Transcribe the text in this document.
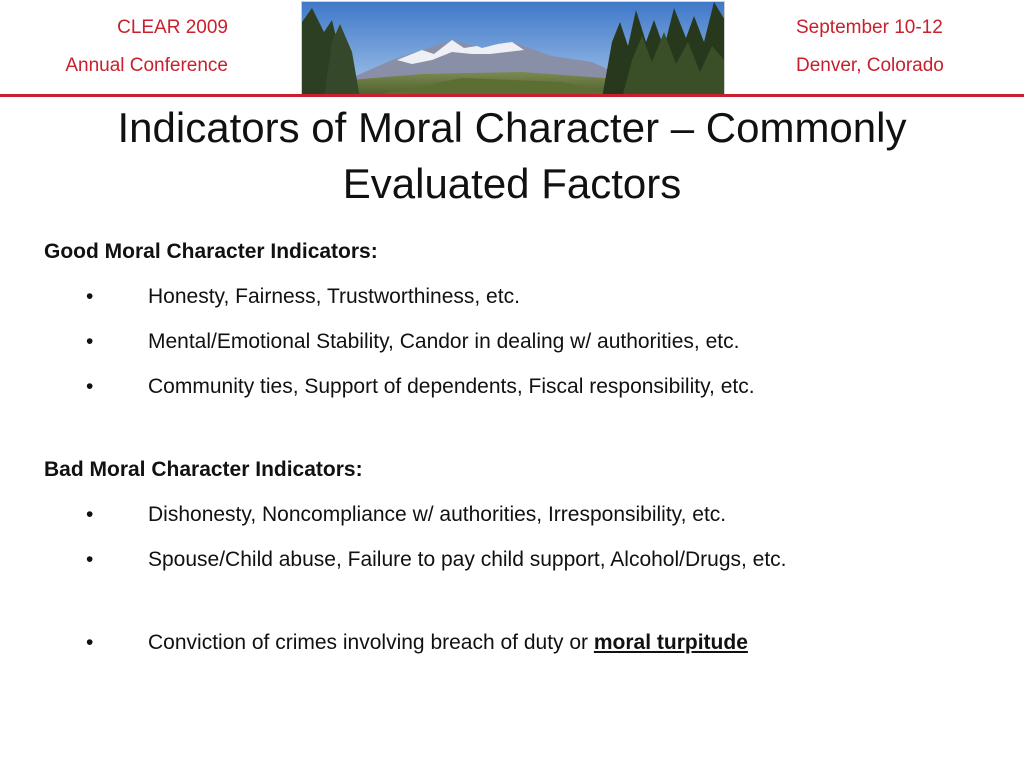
CLEAR 2009
Annual Conference
September 10-12
Denver, Colorado
Indicators of Moral Character – Commonly Evaluated Factors
Good Moral Character Indicators:
•	Honesty, Fairness, Trustworthiness, etc.
•	Mental/Emotional Stability, Candor in dealing w/ authorities, etc.
•	Community ties, Support of dependents, Fiscal responsibility, etc.
Bad Moral Character Indicators:
•	Dishonesty, Noncompliance w/ authorities, Irresponsibility, etc.
•	Spouse/Child abuse, Failure to pay child support, Alcohol/Drugs, etc.
•	Conviction of crimes involving breach of duty or moral turpitude
